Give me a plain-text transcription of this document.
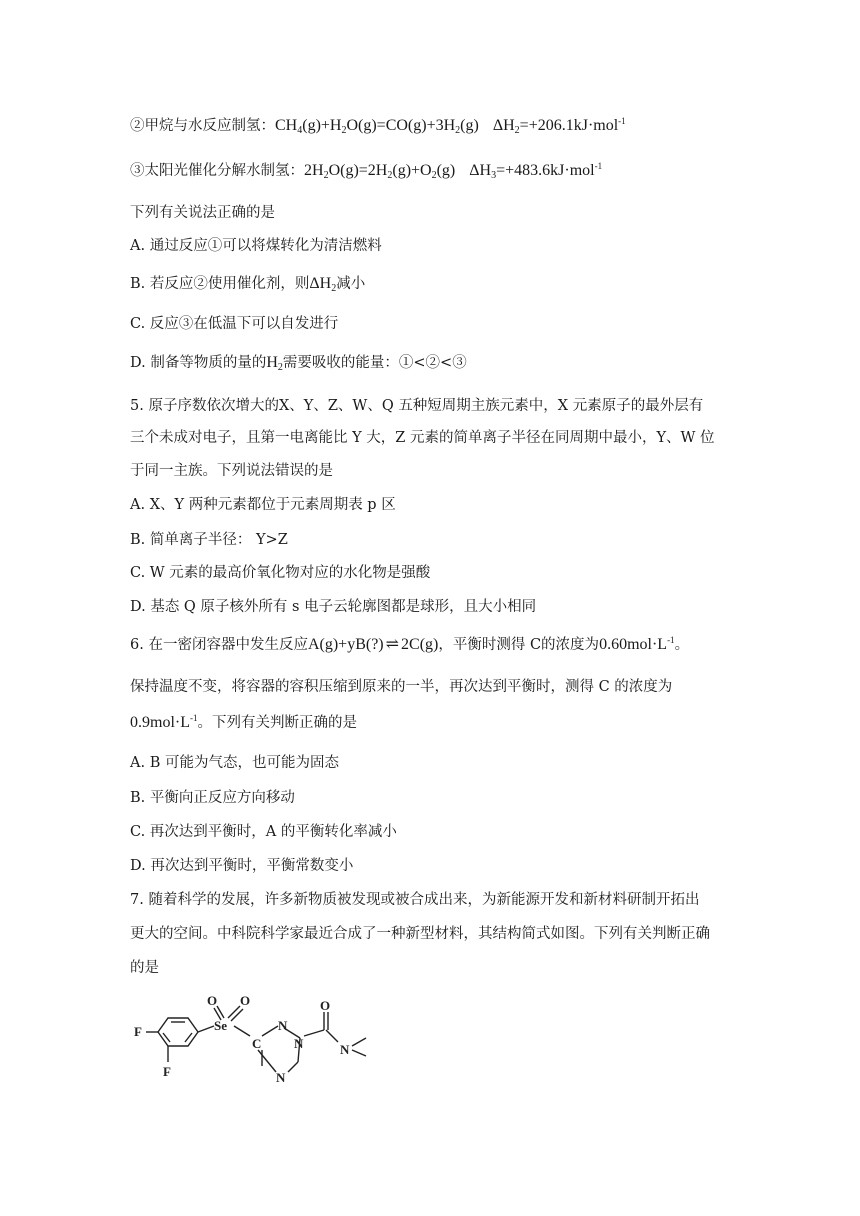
②甲烷与水反应制氢：$CH_4(g)+H_2O(g)=CO(g)+3H_2(g)$ $\Delta H_2=+206.1kJ\cdot mol^{-1}$
③太阳光催化分解水制氢：$2H_2O(g)=2H_2(g)+O_2(g)$ $\Delta H_3=+483.6kJ\cdot mol^{-1}$
下列有关说法正确的是
A. 通过反应①可以将煤转化为清洁燃料
B. 若反应②使用催化剂，则$\Delta H_2$减小
C. 反应③在低温下可以自发进行
D. 制备等物质的量的$H_2$需要吸收的能量：①<②<③
5. 原子序数依次增大的X、Y、Z、W、Q 五种短周期主族元素中，X 元素原子的最外层有
三个未成对电子，且第一电离能比 Y 大，Z 元素的简单离子半径在同周期中最小，Y、W 位
于同一主族。下列说法错误的是
A. X、Y 两种元素都位于元素周期表 p 区
B. 简单离子半径： Y>Z
C. W 元素的最高价氧化物对应的水化物是强酸
D. 基态 Q 原子核外所有 s 电子云轮廓图都是球形，且大小相同
6. 在一密闭容器中发生反应A(g)+yB(?) ⇌ 2C(g)，平衡时测得 C的浓度为$0.60mol\cdot L^{-1}$。
保持温度不变，将容器的容积压缩到原来的一半，再次达到平衡时，测得 C 的浓度为
$0.9mol\cdot L^{-1}$。下列有关判断正确的是
A. B 可能为气态，也可能为固态
B. 平衡向正反应方向移动
C. 再次达到平衡时，A 的平衡转化率减小
D. 再次达到平衡时，平衡常数变小
7. 随着科学的发展，许多新物质被发现或被合成出来，为新能源开发和新材料研制开拓出
更大的空间。中科院科学家最近合成了一种新型材料，其结构简式如图。下列有关判断正确
的是
F
F
Se
O O
C
N
N
N
O
N
